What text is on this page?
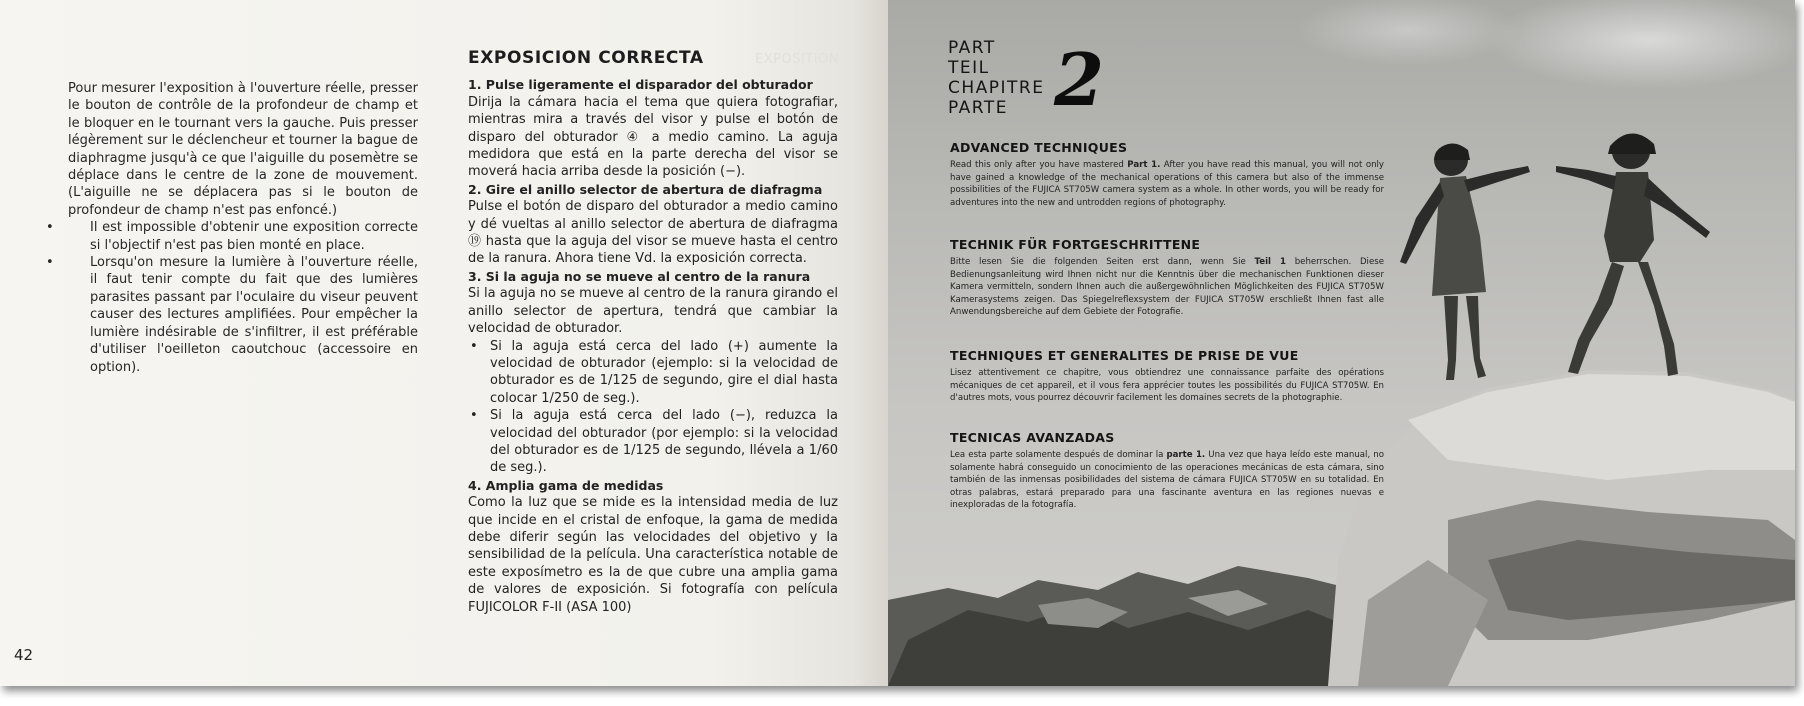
EXPOSITION

Pour mesurer l'exposition à l'ouverture réelle, presser le bouton de contrôle de la profondeur de champ et le bloquer en le tournant vers la gauche. Puis presser légèrement sur le déclencheur et tourner la bague de diaphragme jusqu'à ce que l'aiguille du posemètre se déplace dans le centre de la zone de mouvement. (L'aiguille ne se déplacera pas si le bouton de profondeur de champ n'est pas enfoncé.)

• Il est impossible d'obtenir une exposition correcte si l'objectif n'est pas bien monté en place.
• Lorsqu'on mesure la lumière à l'ouverture réelle, il faut tenir compte du fait que des lumières parasites passant par l'oculaire du viseur peuvent causer des lectures amplifiées. Pour empêcher la lumière indésirable de s'infiltrer, il est préférable d'utiliser l'oeilleton caoutchouc (accessoire en option).
EXPOSICION CORRECTA
1. Pulse ligeramente el disparador del obturador

Dirija la cámara hacia el tema que quiera fotografiar, mientras mira a través del visor y pulse el botón de disparo del obturador ④ a medio camino. La aguja medidora que está en la parte derecha del visor se moverá hacia arriba desde la posición (−).

2. Gire el anillo selector de abertura de diafragma

Pulse el botón de disparo del obturador a medio camino y dé vueltas al anillo selector de abertura de diafragma ⑲ hasta que la aguja del visor se mueve hasta el centro de la ranura. Ahora tiene Vd. la exposición correcta.

3. Si la aguja no se mueve al centro de la ranura

Si la aguja no se mueve al centro de la ranura girando el anillo selector de apertura, tendrá que cambiar la velocidad de obturador.

• Si la aguja está cerca del lado (+) aumente la velocidad de obturador (ejemplo: si la velocidad de obturador es de 1/125 de segundo, gire el dial hasta colocar 1/250 de seg.).
• Si la aguja está cerca del lado (−), reduzca la velocidad del obturador (por ejemplo: si la velocidad del obturador es de 1/125 de segundo, llévela a 1/60 de seg.).
4. Amplia gama de medidas

Como la luz que se mide es la intensidad media de luz que incide en el cristal de enfoque, la gama de medida debe diferir según las velocidades del objetivo y la sensibilidad de la película. Una característica notable de este exposímetro es la de que cubre una amplia gama de valores de exposición. Si fotografía con película FUJICOLOR F-II (ASA 100)

42
PART
TEIL
CHAPITRE
PARTE 2
ADVANCED TECHNIQUES

Read this only after you have mastered Part 1. After you have read this manual, you will not only have gained a knowledge of the mechanical operations of this camera but also of the immense possibilities of the FUJICA ST705W camera system as a whole. In other words, you will be ready for adventures into the new and untrodden regions of photography.

TECHNIK FÜR FORTGESCHRITTENE

Bitte lesen Sie die folgenden Seiten erst dann, wenn Sie Teil 1 beherrschen. Diese Bedienungsanleitung wird Ihnen nicht nur die Kenntnis über die mechanischen Funktionen dieser Kamera vermitteln, sondern Ihnen auch die außergewöhnlichen Möglichkeiten des FUJICA ST705W Kamerasystems zeigen. Das Spiegelreflexsystem der FUJICA ST705W erschließt Ihnen fast alle Anwendungsbereiche auf dem Gebiete der Fotografie.

TECHNIQUES ET GENERALITES DE PRISE DE VUE

Lisez attentivement ce chapitre, vous obtiendrez une connaissance parfaite des opérations mécaniques de cet appareil, et il vous fera apprécier toutes les possibilités du FUJICA ST705W. En d'autres mots, vous pourrez découvrir facilement les domaines secrets de la photographie.

TECNICAS AVANZADAS

Lea esta parte solamente después de dominar la parte 1. Una vez que haya leído este manual, no solamente habrá conseguido un conocimiento de las operaciones mecánicas de esta cámara, sino también de las inmensas posibilidades del sistema de cámara FUJICA ST705W en su totalidad. En otras palabras, estará preparado para una fascinante aventura en las regiones nuevas e inexploradas de la fotografía.
